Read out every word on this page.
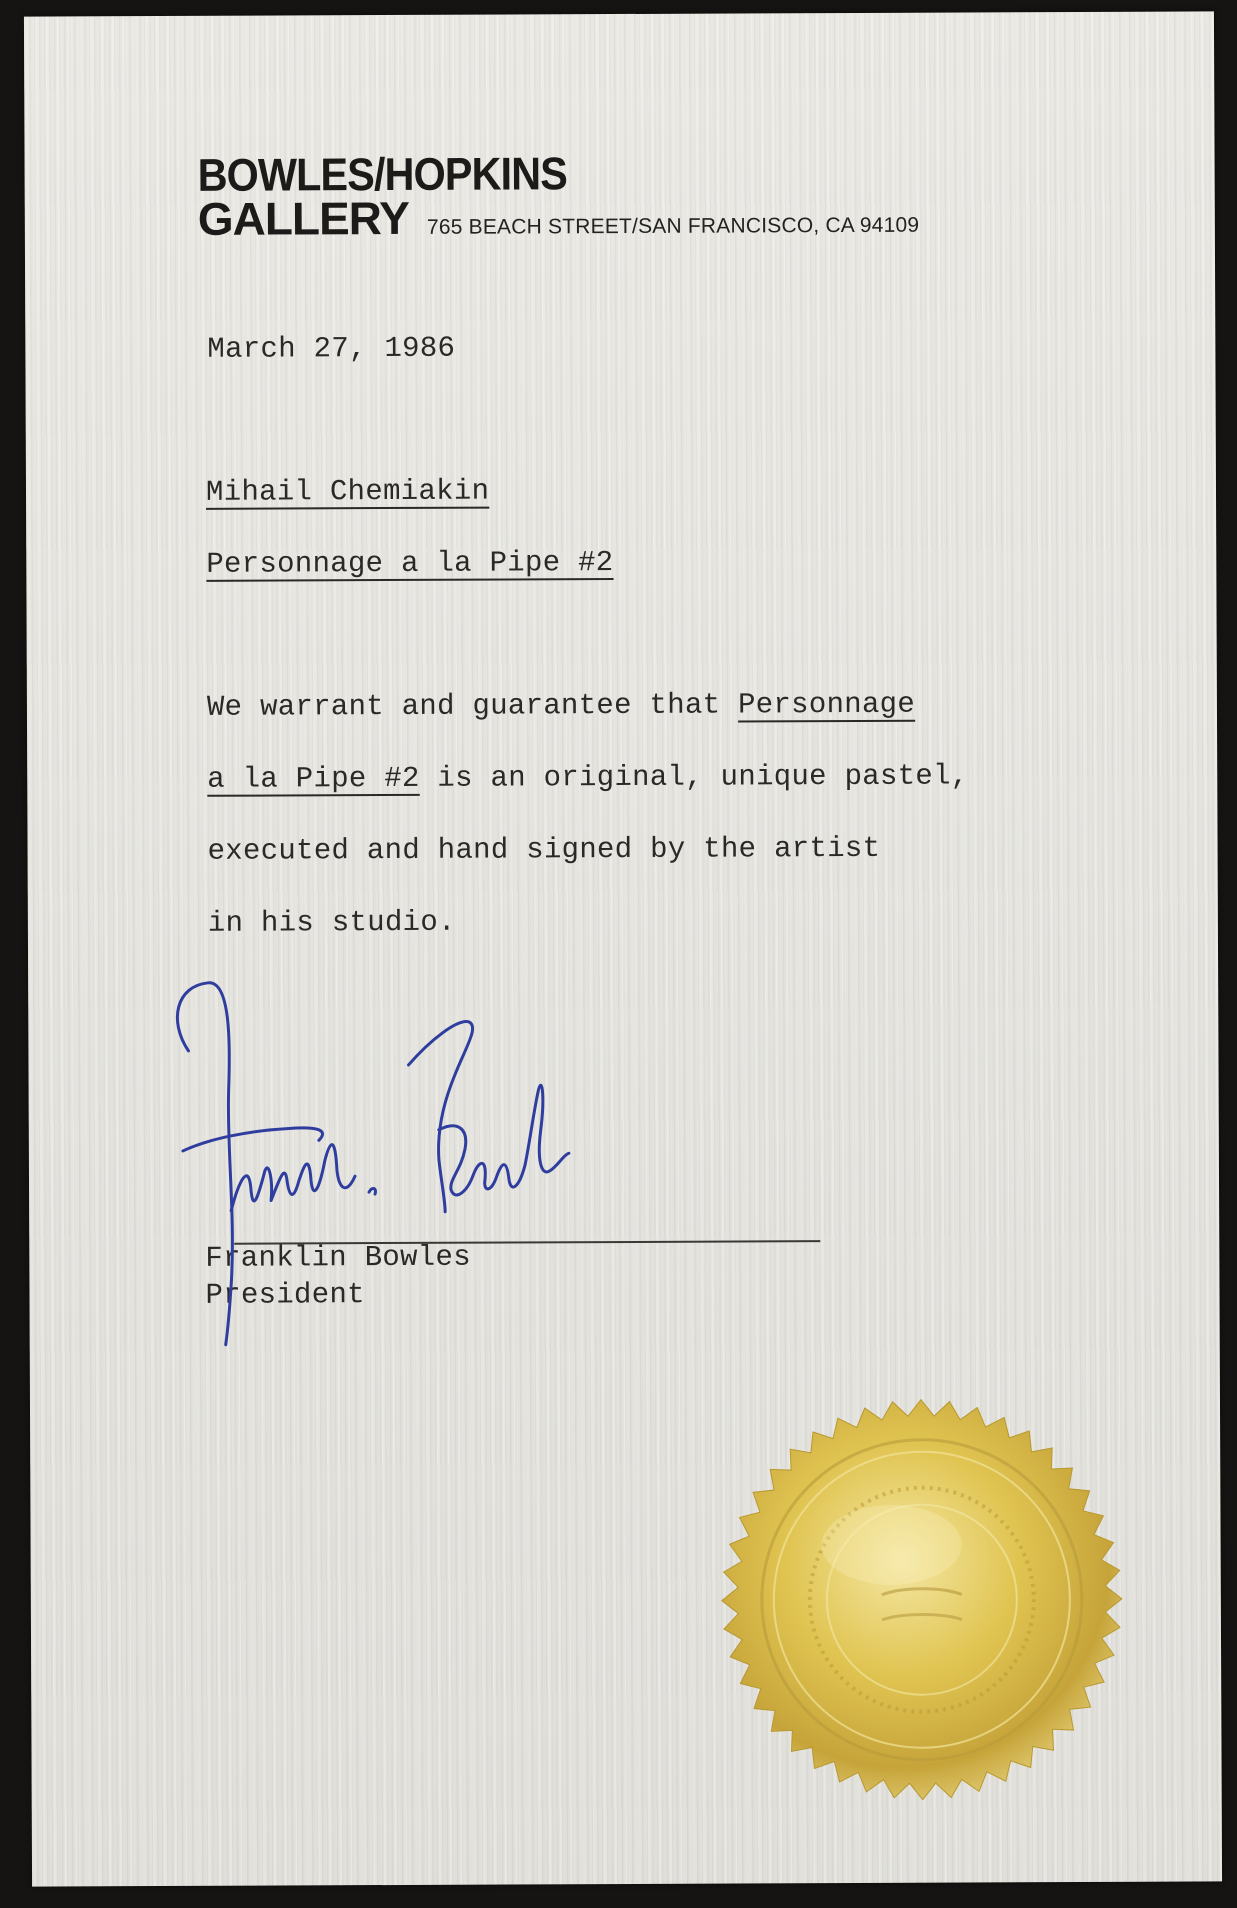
BOWLES/HOPKINS
GALLERY 765 BEACH STREET/SAN FRANCISCO, CA 94109
March 27, 1986
Mihail Chemiakin
Personnage a la Pipe #2
We warrant and guarantee that Personnage
a la Pipe #2 is an original, unique pastel,
executed and hand signed by the artist
in his studio.
Franklin Bowles
President
